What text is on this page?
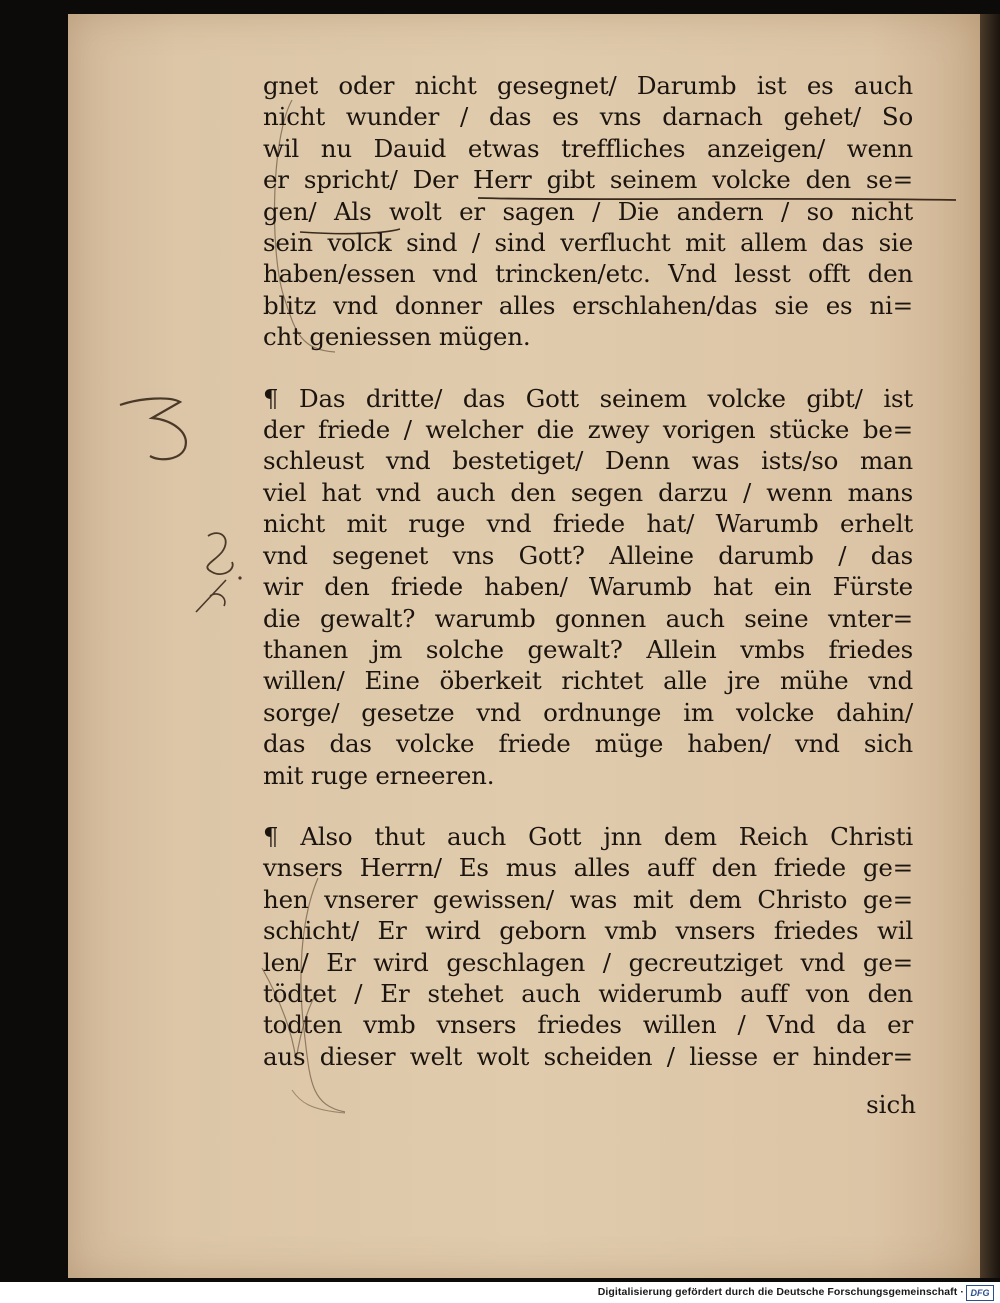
gnet oder nicht gesegnet/ Darumb ist es auch
nicht wunder / das es vns darnach gehet/ So
wil nu Dauid etwas treffliches anzeigen/ wenn
er spricht/ Der Herr gibt seinem volcke den se=
gen/ Als wolt er sagen / Die andern / so nicht
sein volck sind / sind verflucht mit allem das sie
haben/essen vnd trincken/etc. Vnd lesst offt den
blitz vnd donner alles erschlahen/das sie es ni=
cht geniessen mügen.
¶ Das dritte/ das Gott seinem volcke gibt/ ist
der friede / welcher die zwey vorigen stücke be=
schleust vnd bestetiget/ Denn was ists/so man
viel hat vnd auch den segen darzu / wenn mans
nicht mit ruge vnd friede hat/ Warumb erhelt
vnd segenet vns Gott? Alleine darumb / das
wir den friede haben/ Warumb hat ein Fürste
die gewalt? warumb gonnen auch seine vnter=
thanen jm solche gewalt? Allein vmbs friedes
willen/ Eine öberkeit richtet alle jre mühe vnd
sorge/ gesetze vnd ordnunge im volcke dahin/
das das volcke friede müge haben/ vnd sich
mit ruge erneeren.
¶ Also thut auch Gott jnn dem Reich Christi
vnsers Herrn/ Es mus alles auff den friede ge=
hen vnserer gewissen/ was mit dem Christo ge=
schicht/ Er wird geborn vmb vnsers friedes wil
len/ Er wird geschlagen / gecreutziget vnd ge=
tödtet / Er stehet auch widerumb auff von den
todten vmb vnsers friedes willen / Vnd da er
aus dieser welt wolt scheiden / liesse er hinder=
sich
Digitalisierung gefördert durch die Deutsche Forschungsgemeinschaft · DFG
